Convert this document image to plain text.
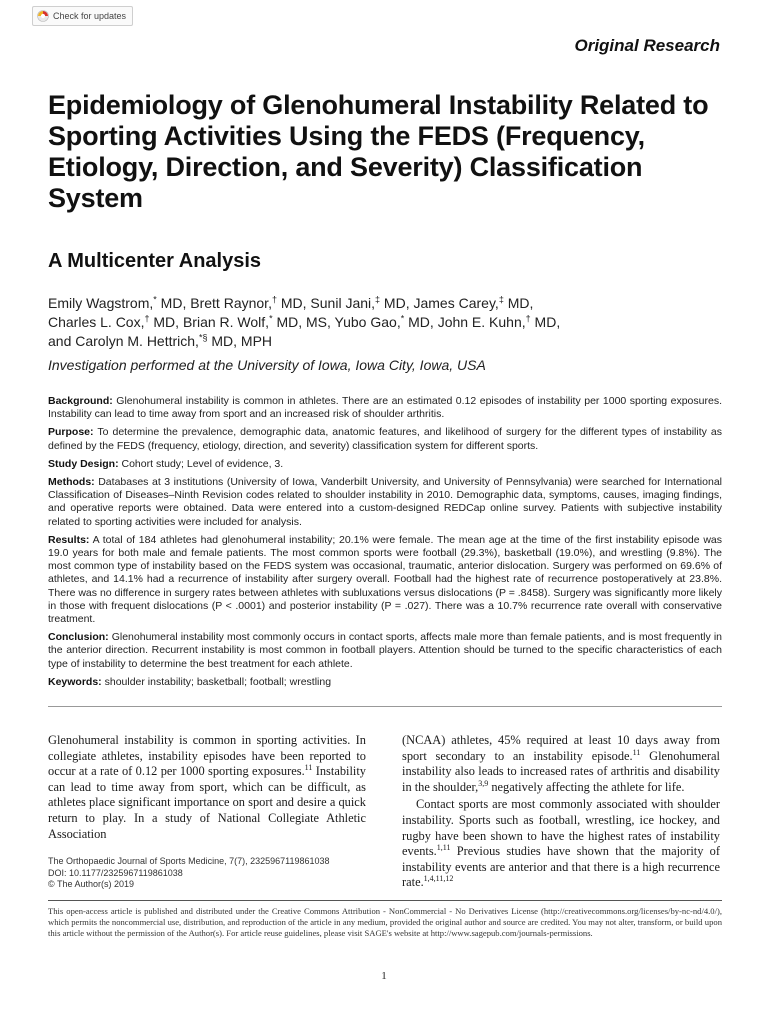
Check for updates
Original Research
Epidemiology of Glenohumeral Instability Related to Sporting Activities Using the FEDS (Frequency, Etiology, Direction, and Severity) Classification System
A Multicenter Analysis
Emily Wagstrom,* MD, Brett Raynor,† MD, Sunil Jani,‡ MD, James Carey,‡ MD,
Charles L. Cox,† MD, Brian R. Wolf,* MD, MS, Yubo Gao,* MD, John E. Kuhn,† MD,
and Carolyn M. Hettrich,*§ MD, MPH
Investigation performed at the University of Iowa, Iowa City, Iowa, USA

Background: Glenohumeral instability is common in athletes. There are an estimated 0.12 episodes of instability per 1000 sporting exposures. Instability can lead to time away from sport and an increased risk of shoulder arthritis.

Purpose: To determine the prevalence, demographic data, anatomic features, and likelihood of surgery for the different types of instability as defined by the FEDS (frequency, etiology, direction, and severity) classification system for different sports.

Study Design: Cohort study; Level of evidence, 3.

Methods: Databases at 3 institutions (University of Iowa, Vanderbilt University, and University of Pennsylvania) were searched for International Classification of Diseases–Ninth Revision codes related to shoulder instability in 2010. Demographic data, symptoms, causes, imaging findings, and operative reports were obtained. Data were entered into a custom-designed REDCap online survey. Patients with subjective instability related to sporting activities were included for analysis.

Results: A total of 184 athletes had glenohumeral instability; 20.1% were female. The mean age at the time of the first instability episode was 19.0 years for both male and female patients. The most common sports were football (29.3%), basketball (19.0%), and wrestling (9.8%). The most common type of instability based on the FEDS system was occasional, traumatic, anterior dislocation. Surgery was performed on 69.6% of athletes, and 14.1% had a recurrence of instability after surgery overall. Football had the highest rate of recurrence postoperatively at 23.8%. There was no difference in surgery rates between athletes with subluxations versus dislocations (P = .8458). Surgery was significantly more likely in those with frequent dislocations (P < .0001) and posterior instability (P = .027). There was a 10.7% recurrence rate overall with conservative treatment.

Conclusion: Glenohumeral instability most commonly occurs in contact sports, affects male more than female patients, and is most frequently in the anterior direction. Recurrent instability is most common in football players. Attention should be turned to the specific characteristics of each type of instability to determine the best treatment for each athlete.

Keywords: shoulder instability; basketball; football; wrestling

Glenohumeral instability is common in sporting activities. In collegiate athletes, instability episodes have been reported to occur at a rate of 0.12 per 1000 sporting exposures.$^{11}$ Instability can lead to time away from sport, which can be difficult, as athletes place significant importance on sport and desire a quick return to play. In a study of National Collegiate Athletic Association

The Orthopaedic Journal of Sports Medicine, 7(7), 2325967119861038
DOI: 10.1177/2325967119861038
© The Author(s) 2019

(NCAA) athletes, 45% required at least 10 days away from sport secondary to an instability episode.$^{11}$ Glenohumeral instability also leads to increased rates of arthritis and disability in the shoulder,$^{3,9}$ negatively affecting the athlete for life.

Contact sports are most commonly associated with shoulder instability. Sports such as football, wrestling, ice hockey, and rugby have been shown to have the highest rates of instability events.$^{1,11}$ Previous studies have shown that the majority of instability events are anterior and that there is a high recurrence rate.$^{1,4,11,12}$

This open-access article is published and distributed under the Creative Commons Attribution - NonCommercial - No Derivatives License (http://creativecommons.org/licenses/by-nc-nd/4.0/), which permits the noncommercial use, distribution, and reproduction of the article in any medium, provided the original author and source are credited. You may not alter, transform, or build upon this article without the permission of the Author(s). For article reuse guidelines, please visit SAGE's website at http://www.sagepub.com/journals-permissions.
1
